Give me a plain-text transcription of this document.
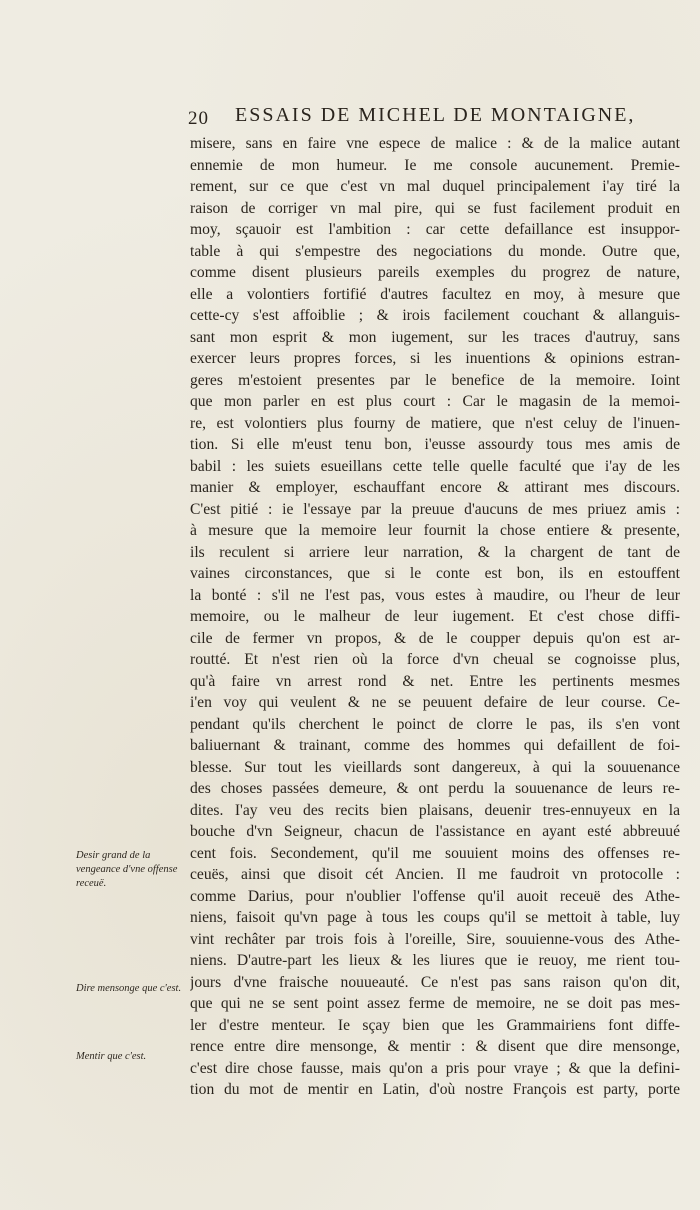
20 ESSAIS DE MICHEL DE MONTAIGNE,
misere, sans en faire vne espece de malice : & de la malice autant
ennemie de mon humeur. Ie me console aucunement. Premie-
rement, sur ce que c'est vn mal duquel principalement i'ay tiré la
raison de corriger vn mal pire, qui se fust facilement produit en
moy, sçauoir est l'ambition : car cette defaillance est insuppor-
table à qui s'empestre des negociations du monde. Outre que,
comme disent plusieurs pareils exemples du progrez de nature,
elle a volontiers fortifié d'autres facultez en moy, à mesure que
cette-cy s'est affoiblie ; & irois facilement couchant & allanguis-
sant mon esprit & mon iugement, sur les traces d'autruy, sans
exercer leurs propres forces, si les inuentions & opinions estran-
geres m'estoient presentes par le benefice de la memoire. Ioint
que mon parler en est plus court : Car le magasin de la memoi-
re, est volontiers plus fourny de matiere, que n'est celuy de l'inuen-
tion. Si elle m'eust tenu bon, i'eusse assourdy tous mes amis de
babil : les suiets esueillans cette telle quelle faculté que i'ay de les
manier & employer, eschauffant encore & attirant mes discours.
C'est pitié : ie l'essaye par la preuue d'aucuns de mes priuez amis :
à mesure que la memoire leur fournit la chose entiere & presente,
ils reculent si arriere leur narration, & la chargent de tant de
vaines circonstances, que si le conte est bon, ils en estouffent
la bonté : s'il ne l'est pas, vous estes à maudire, ou l'heur de leur
memoire, ou le malheur de leur iugement. Et c'est chose diffi-
cile de fermer vn propos, & de le coupper depuis qu'on est ar-
routté. Et n'est rien où la force d'vn cheual se cognoisse plus,
qu'à faire vn arrest rond & net. Entre les pertinents mesmes
i'en voy qui veulent & ne se peuuent defaire de leur course. Ce-
pendant qu'ils cherchent le poinct de clorre le pas, ils s'en vont
baliuernant & trainant, comme des hommes qui defaillent de foi-
blesse. Sur tout les vieillards sont dangereux, à qui la souuenance
des choses passées demeure, & ont perdu la souuenance de leurs re-
dites. I'ay veu des recits bien plaisans, deuenir tres-ennuyeux en la
bouche d'vn Seigneur, chacun de l'assistance en ayant esté abbreuué
cent fois. Secondement, qu'il me souuient moins des offenses re-
ceuës, ainsi que disoit cét Ancien. Il me faudroit vn protocolle :
comme Darius, pour n'oublier l'offense qu'il auoit receuë des Athe-
niens, faisoit qu'vn page à tous les coups qu'il se mettoit à table, luy
vint rechâter par trois fois à l'oreille, Sire, souuienne-vous des Athe-
niens. D'autre-part les lieux & les liures que ie reuoy, me rient tou-
jours d'vne fraische nouueauté. Ce n'est pas sans raison qu'on dit,
que qui ne se sent point assez ferme de memoire, ne se doit pas mes-
ler d'estre menteur. Ie sçay bien que les Grammairiens font diffe-
rence entre dire mensonge, & mentir : & disent que dire mensonge,
c'est dire chose fausse, mais qu'on a pris pour vraye ; & que la defini-
tion du mot de mentir en Latin, d'où nostre François est party, porte
Desir grand de la vengeance d'vne offense receuë.
Dire mensonge que c'est.
Mentir que c'est.
